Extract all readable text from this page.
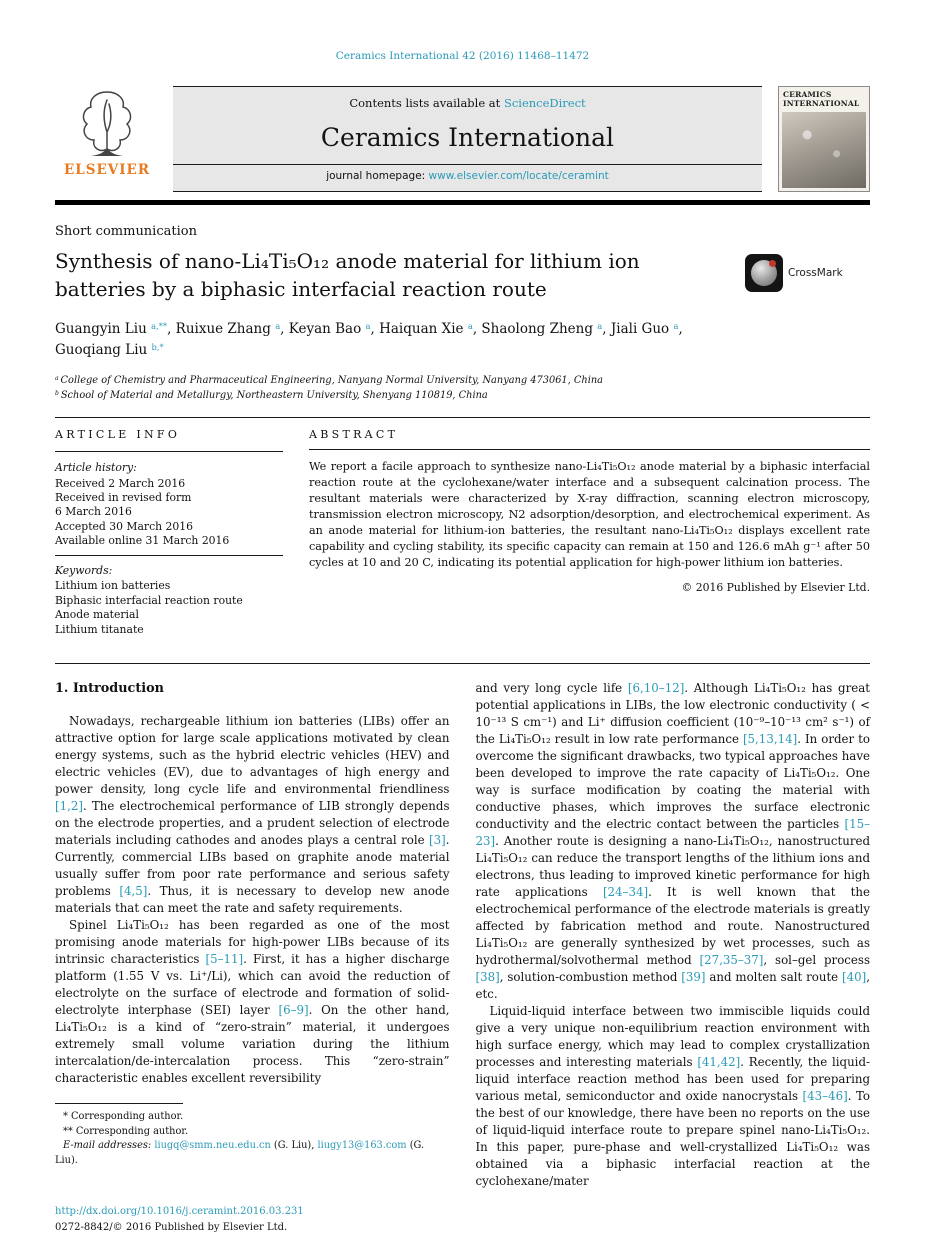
Ceramics International 42 (2016) 11468–11472
ELSEVIER
Contents lists available at ScienceDirect
Ceramics International
journal homepage: www.elsevier.com/locate/ceramint
CERAMICS
INTERNATIONAL
Short communication
Synthesis of nano-Li₄Ti₅O₁₂ anode material for lithium ion batteries by a biphasic interfacial reaction route
CrossMark
Guangyin Liu $^{a,**}$, Ruixue Zhang $^a$, Keyan Bao $^a$, Haiquan Xie $^a$, Shaolong Zheng $^a$, Jiali Guo $^a$,
Guoqiang Liu $^{b,*}$
$^a$ College of Chemistry and Pharmaceutical Engineering, Nanyang Normal University, Nanyang 473061, China
$^b$ School of Material and Metallurgy, Northeastern University, Shenyang 110819, China
ARTICLE INFO
Article history:
Received 2 March 2016
Received in revised form
6 March 2016
Accepted 30 March 2016
Available online 31 March 2016
Keywords:
Lithium ion batteries
Biphasic interfacial reaction route
Anode material
Lithium titanate
ABSTRACT

We report a facile approach to synthesize nano-Li₄Ti₅O₁₂ anode material by a biphasic interfacial reaction route at the cyclohexane/water interface and a subsequent calcination process. The resultant materials were characterized by X-ray diffraction, scanning electron microscopy, transmission electron microscopy, N2 adsorption/desorption, and electrochemical experiment. As an anode material for lithium-ion batteries, the resultant nano-Li₄Ti₅O₁₂ displays excellent rate capability and cycling stability, its specific capacity can remain at 150 and 126.6 mAh g⁻¹ after 50 cycles at 10 and 20 C, indicating its potential application for high-power lithium ion batteries.

© 2016 Published by Elsevier Ltd.
1. Introduction

Nowadays, rechargeable lithium ion batteries (LIBs) offer an attractive option for large scale applications motivated by clean energy systems, such as the hybrid electric vehicles (HEV) and electric vehicles (EV), due to advantages of high energy and power density, long cycle life and environmental friendliness [1,2]. The electrochemical performance of LIB strongly depends on the electrode properties, and a prudent selection of electrode materials including cathodes and anodes plays a central role [3]. Currently, commercial LIBs based on graphite anode material usually suffer from poor rate performance and serious safety problems [4,5]. Thus, it is necessary to develop new anode materials that can meet the rate and safety requirements.

Spinel Li₄Ti₅O₁₂ has been regarded as one of the most promising anode materials for high-power LIBs because of its intrinsic characteristics [5–11]. First, it has a higher discharge platform (1.55 V vs. Li⁺/Li), which can avoid the reduction of electrolyte on the surface of electrode and formation of solid-electrolyte interphase (SEI) layer [6–9]. On the other hand, Li₄Ti₅O₁₂ is a kind of “zero-strain” material, it undergoes extremely small volume variation during the lithium intercalation/de-intercalation process. This “zero-strain” characteristic enables excellent reversibility

* Corresponding author.
** Corresponding author.
E-mail addresses: liugq@smm.neu.edu.cn (G. Liu), liugy13@163.com (G. Liu).

and very long cycle life [6,10–12]. Although Li₄Ti₅O₁₂ has great potential applications in LIBs, the low electronic conductivity ( < 10⁻¹³ S cm⁻¹) and Li⁺ diffusion coefficient (10⁻⁹–10⁻¹³ cm² s⁻¹) of the Li₄Ti₅O₁₂ result in low rate performance [5,13,14]. In order to overcome the significant drawbacks, two typical approaches have been developed to improve the rate capacity of Li₄Ti₅O₁₂. One way is surface modification by coating the material with conductive phases, which improves the surface electronic conductivity and the electric contact between the particles [15–23]. Another route is designing a nano-Li₄Ti₅O₁₂, nanostructured Li₄Ti₅O₁₂ can reduce the transport lengths of the lithium ions and electrons, thus leading to improved kinetic performance for high rate applications [24–34]. It is well known that the electrochemical performance of the electrode materials is greatly affected by fabrication method and route. Nanostructured Li₄Ti₅O₁₂ are generally synthesized by wet processes, such as hydrothermal/solvothermal method [27,35–37], sol–gel process [38], solution-combustion method [39] and molten salt route [40], etc.

Liquid-liquid interface between two immiscible liquids could give a very unique non-equilibrium reaction environment with high surface energy, which may lead to complex crystallization processes and interesting materials [41,42]. Recently, the liquid-liquid interface reaction method has been used for preparing various metal, semiconductor and oxide nanocrystals [43–46]. To the best of our knowledge, there have been no reports on the use of liquid-liquid interface route to prepare spinel nano-Li₄Ti₅O₁₂. In this paper, pure-phase and well-crystallized Li₄Ti₅O₁₂ was obtained via a biphasic interfacial reaction at the cyclohexane/mater

http://dx.doi.org/10.1016/j.ceramint.2016.03.231
0272-8842/© 2016 Published by Elsevier Ltd.
